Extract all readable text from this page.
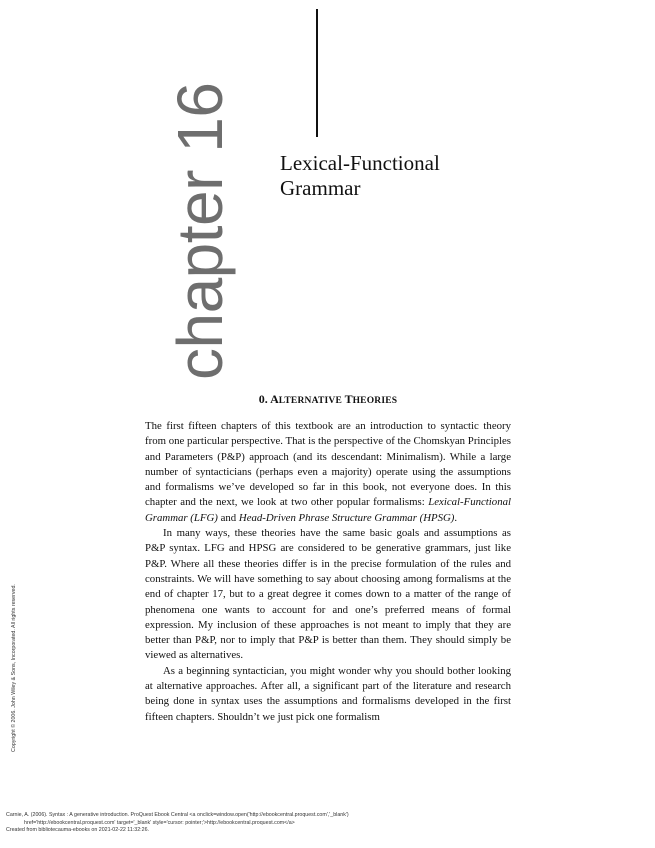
chapter 16 Lexical-Functional
Grammar
0. ALTERNATIVE THEORIES

The first fifteen chapters of this textbook are an introduction to syntactic theory from one particular perspective. That is the perspective of the Chomskyan Principles and Parameters (P&P) approach (and its descendant: Minimalism). While a large number of syntacticians (perhaps even a majority) operate using the assumptions and formalisms we’ve developed so far in this book, not everyone does. In this chapter and the next, we look at two other popular formalisms: Lexical-Functional Grammar (LFG) and Head-Driven Phrase Structure Grammar (HPSG).

In many ways, these theories have the same basic goals and assumptions as P&P syntax. LFG and HPSG are considered to be generative grammars, just like P&P. Where all these theories differ is in the precise formulation of the rules and constraints. We will have something to say about choosing among formalisms at the end of chapter 17, but to a great degree it comes down to a matter of the range of phenomena one wants to account for and one’s preferred means of formal expression. My inclusion of these approaches is not meant to imply that they are better than P&P, nor to imply that P&P is better than them. They should simply be viewed as alternatives.

As a beginning syntactician, you might wonder why you should bother looking at alternative approaches. After all, a significant part of the literature and research being done in syntax uses the assumptions and formalisms developed in the first fifteen chapters. Shouldn’t we just pick one formalism

Copyright © 2006. John Wiley & Sons, Incorporated. All rights reserved.
Carnie, A. (2006). Syntax : A generative introduction. ProQuest Ebook Central <a onclick=window.open('http://ebookcentral.proquest.com','_blank')
href='http://ebookcentral.proquest.com' target='_blank' style='cursor: pointer;'>http://ebookcentral.proquest.com</a>
Created from bibliotecauma-ebooks on 2021-02-22 11:32:26.
